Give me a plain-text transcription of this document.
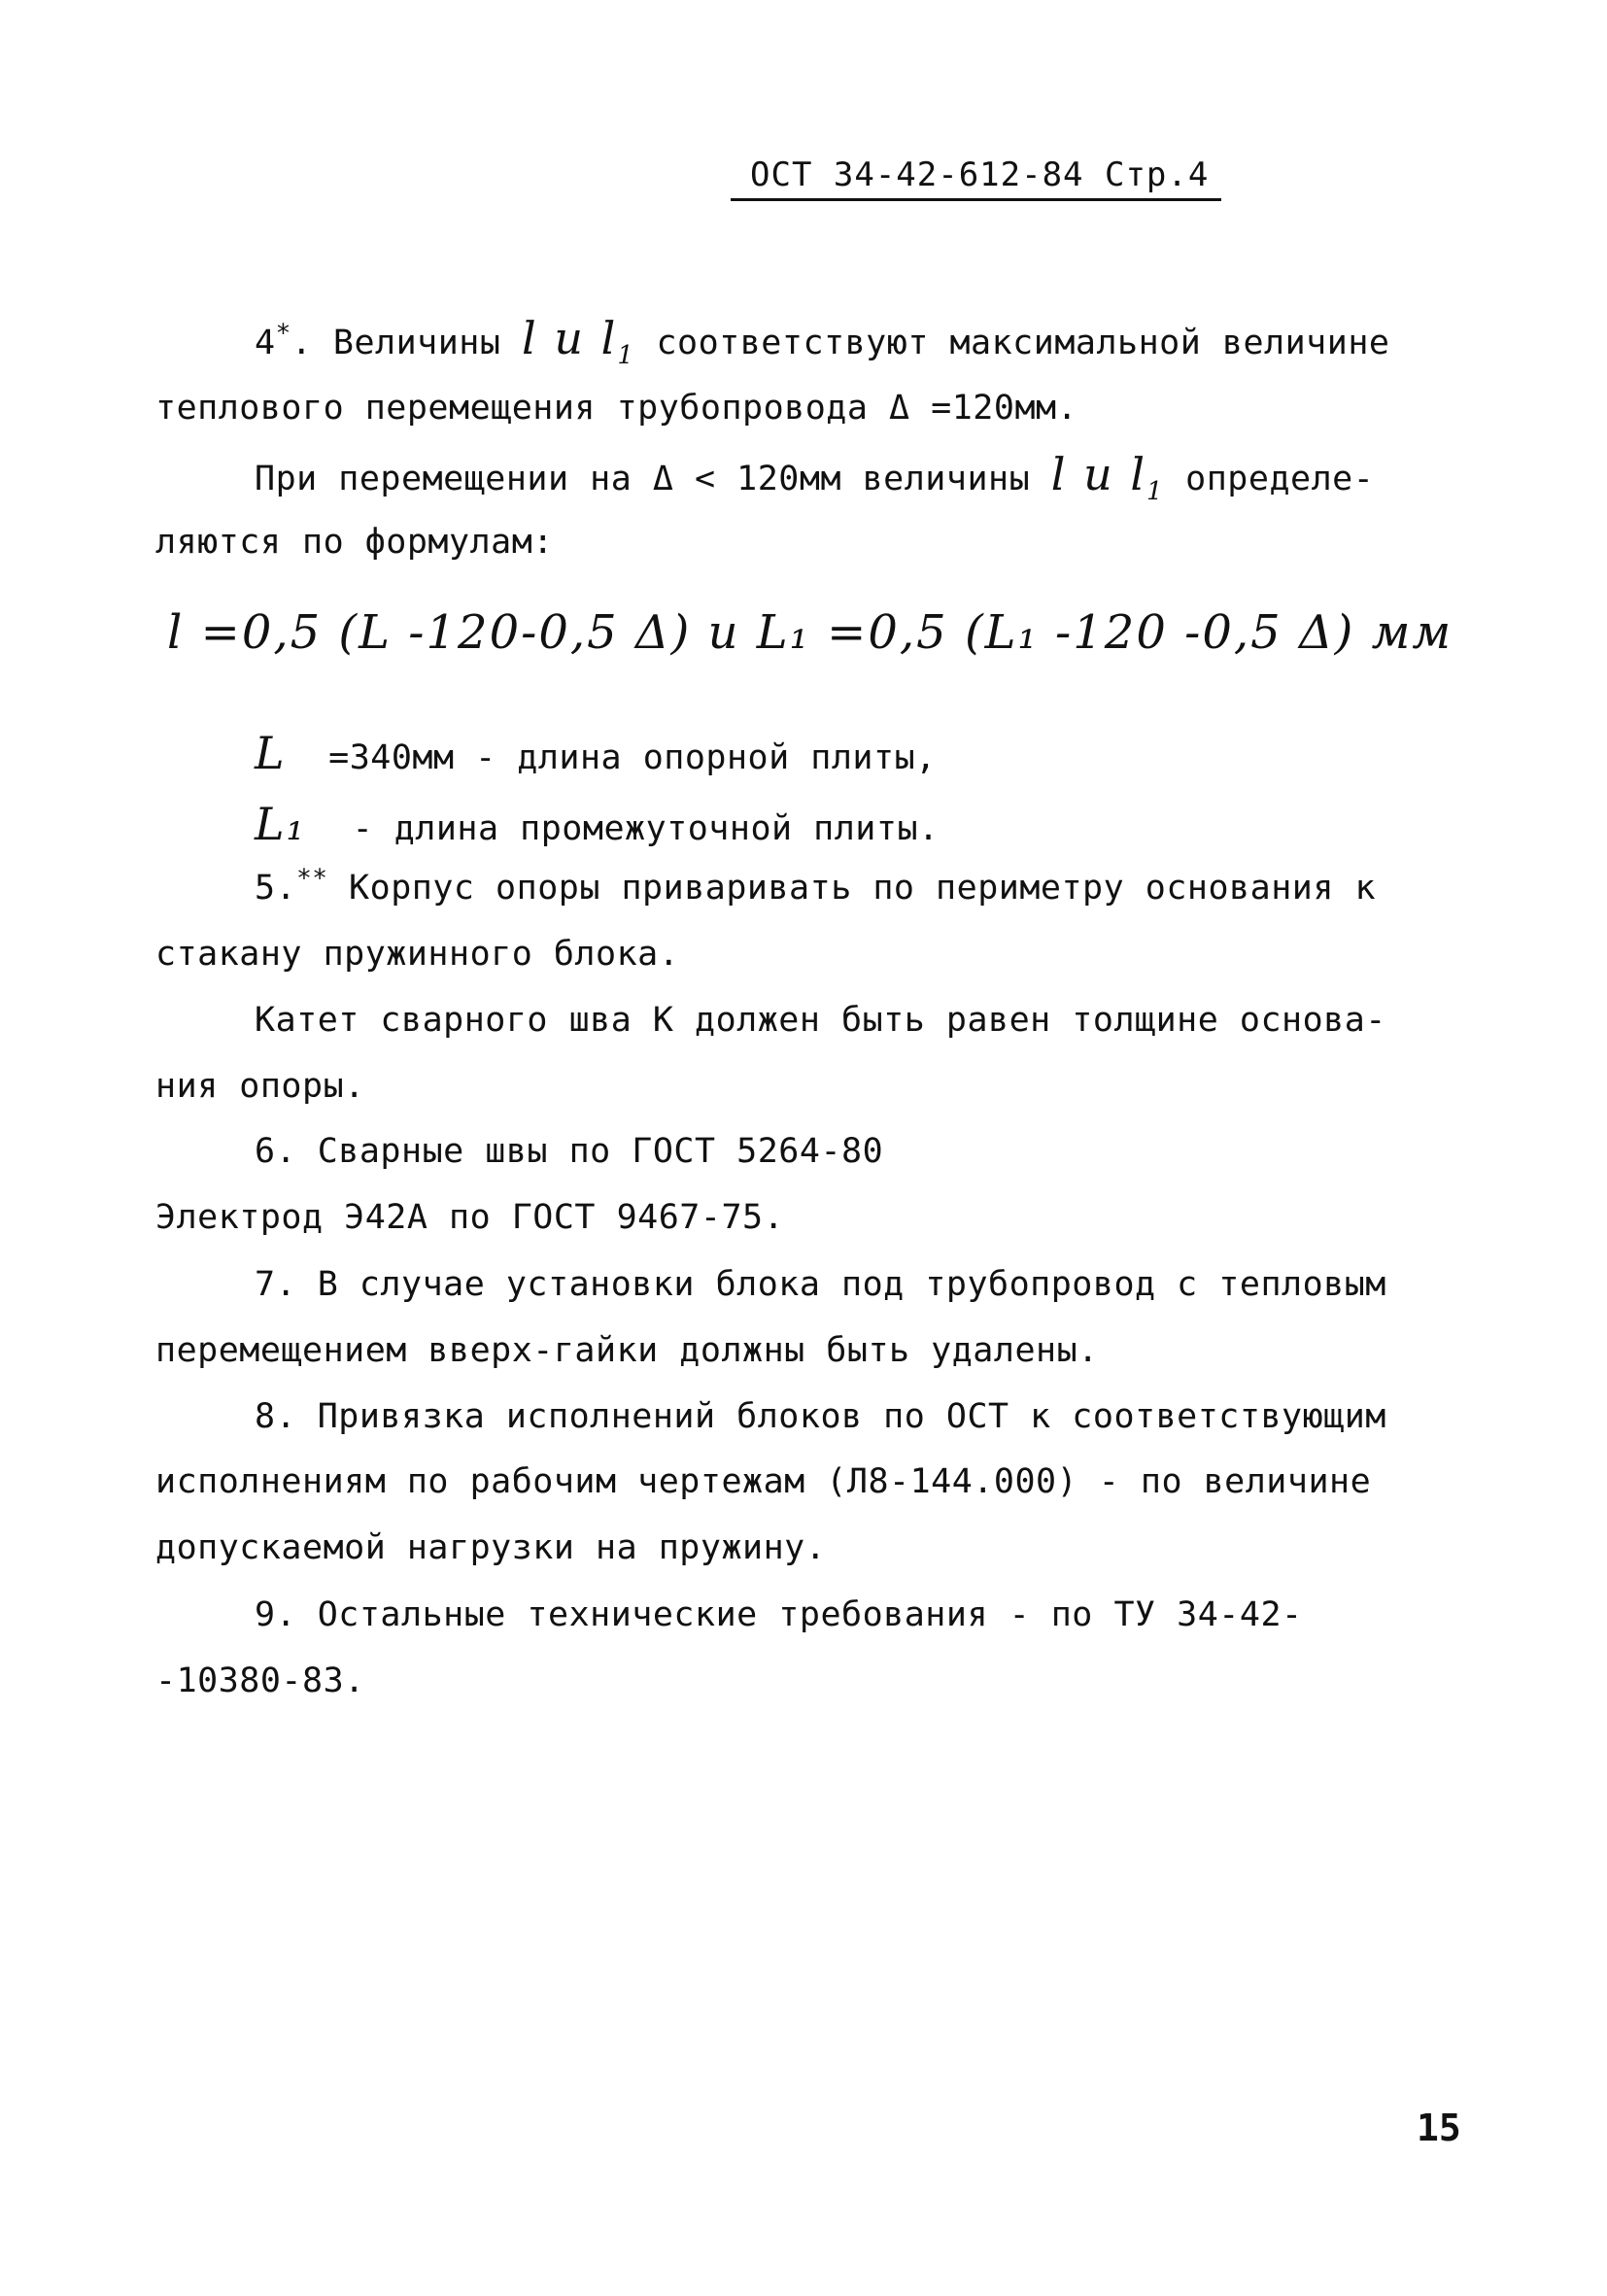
ОСТ 34-42-612-84 Стр.4
4*. Величины l u $l_1$ соответствуют максимальной величине
теплового перемещения трубопровода Δ =120мм.
При перемещении на Δ < 120мм величины l u $l_1$ определе-
ляются по формулам:
l =0,5 (L -120-0,5 Δ) u L₁ =0,5 (L₁ -120 -0,5 Δ) мм
L =340мм - длина опорной плиты,
L₁ - длина промежуточной плиты.
5.** Корпус опоры приваривать по периметру основания к
стакану пружинного блока.
Катет сварного шва К должен быть равен толщине основа-
ния опоры.
6. Сварные швы по ГОСТ 5264-80
Электрод Э42А по ГОСТ 9467-75.
7. В случае установки блока под трубопровод с тепловым
перемещением вверх-гайки должны быть удалены.
8. Привязка исполнений блоков по ОСТ к соответствующим
исполнениям по рабочим чертежам (Л8-144.000) - по величине
допускаемой нагрузки на пружину.
9. Остальные технические требования - по ТУ 34-42-
-10380-83.
15
